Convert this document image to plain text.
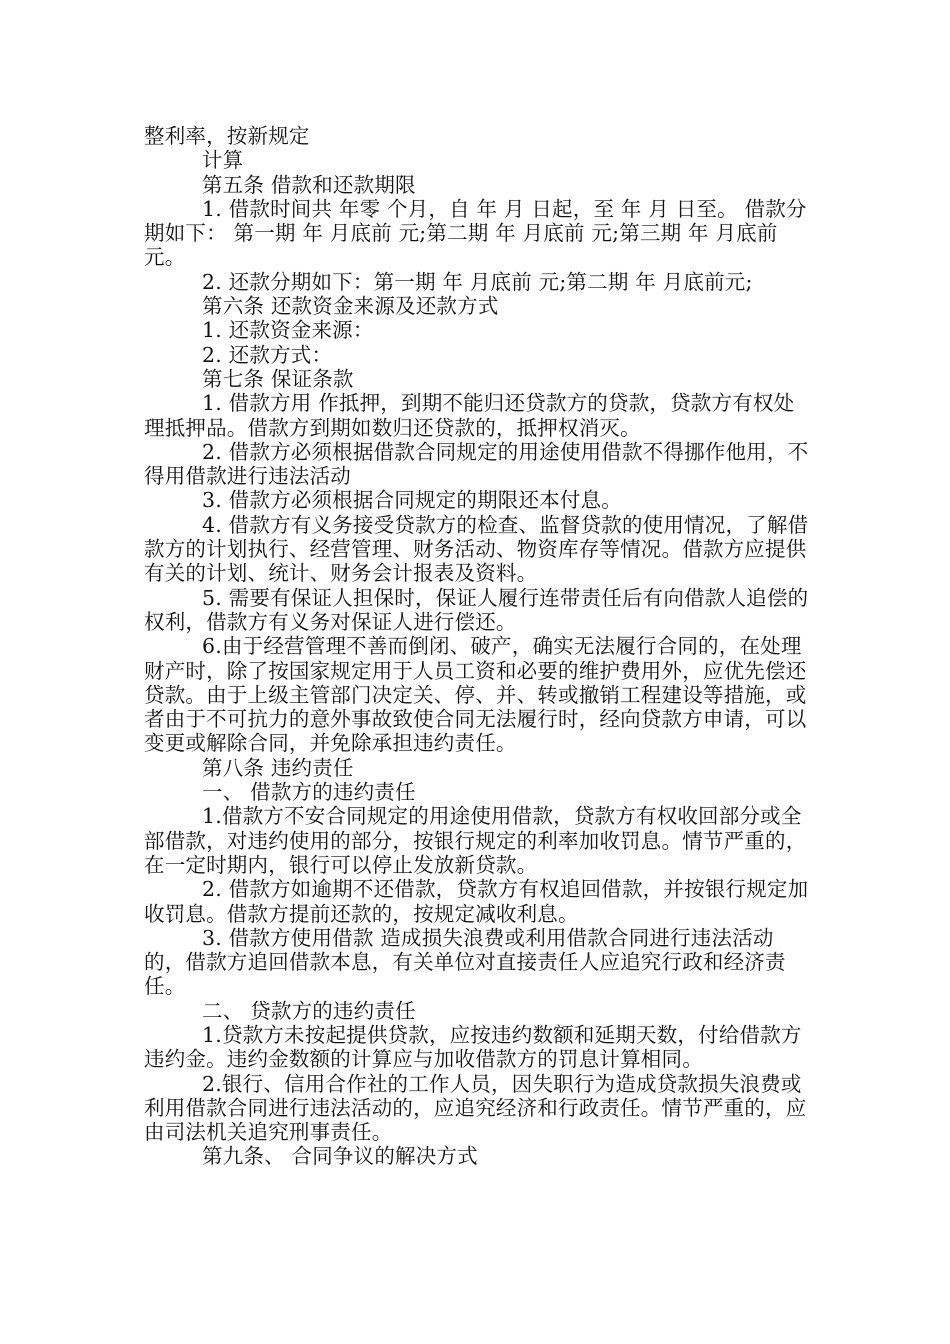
整利率，按新规定

计算

第五条 借款和还款期限

1. 借款时间共 年零 个月，自 年 月 日起，至 年 月 日至。 借款分期如下： 第一期 年 月底前 元;第二期 年 月底前 元;第三期 年 月底前元。

2. 还款分期如下：第一期 年 月底前 元;第二期 年 月底前元;

第六条 还款资金来源及还款方式

1. 还款资金来源：

2. 还款方式：

第七条 保证条款

1. 借款方用 作抵押，到期不能归还贷款方的贷款，贷款方有权处理抵押品。借款方到期如数归还贷款的，抵押权消灭。

2. 借款方必须根据借款合同规定的用途使用借款不得挪作他用，不得用借款进行违法活动

3. 借款方必须根据合同规定的期限还本付息。

4. 借款方有义务接受贷款方的检查、监督贷款的使用情况，了解借款方的计划执行、经营管理、财务活动、物资库存等情况。借款方应提供有关的计划、统计、财务会计报表及资料。

5. 需要有保证人担保时，保证人履行连带责任后有向借款人追偿的权利，借款方有义务对保证人进行偿还。

6.由于经营管理不善而倒闭、破产，确实无法履行合同的，在处理财产时，除了按国家规定用于人员工资和必要的维护费用外，应优先偿还贷款。由于上级主管部门决定关、停、并、转或撤销工程建设等措施，或者由于不可抗力的意外事故致使合同无法履行时，经向贷款方申请，可以变更或解除合同，并免除承担违约责任。

第八条 违约责任

一、 借款方的违约责任

1.借款方不安合同规定的用途使用借款，贷款方有权收回部分或全部借款，对违约使用的部分，按银行规定的利率加收罚息。情节严重的，在一定时期内，银行可以停止发放新贷款。

2. 借款方如逾期不还借款，贷款方有权追回借款，并按银行规定加收罚息。借款方提前还款的，按规定减收利息。

3. 借款方使用借款 造成损失浪费或利用借款合同进行违法活动的，借款方追回借款本息，有关单位对直接责任人应追究行政和经济责任。

二、 贷款方的违约责任

1.贷款方未按起提供贷款，应按违约数额和延期天数，付给借款方违约金。违约金数额的计算应与加收借款方的罚息计算相同。

2.银行、信用合作社的工作人员，因失职行为造成贷款损失浪费或利用借款合同进行违法活动的，应追究经济和行政责任。情节严重的，应由司法机关追究刑事责任。

第九条、 合同争议的解决方式
